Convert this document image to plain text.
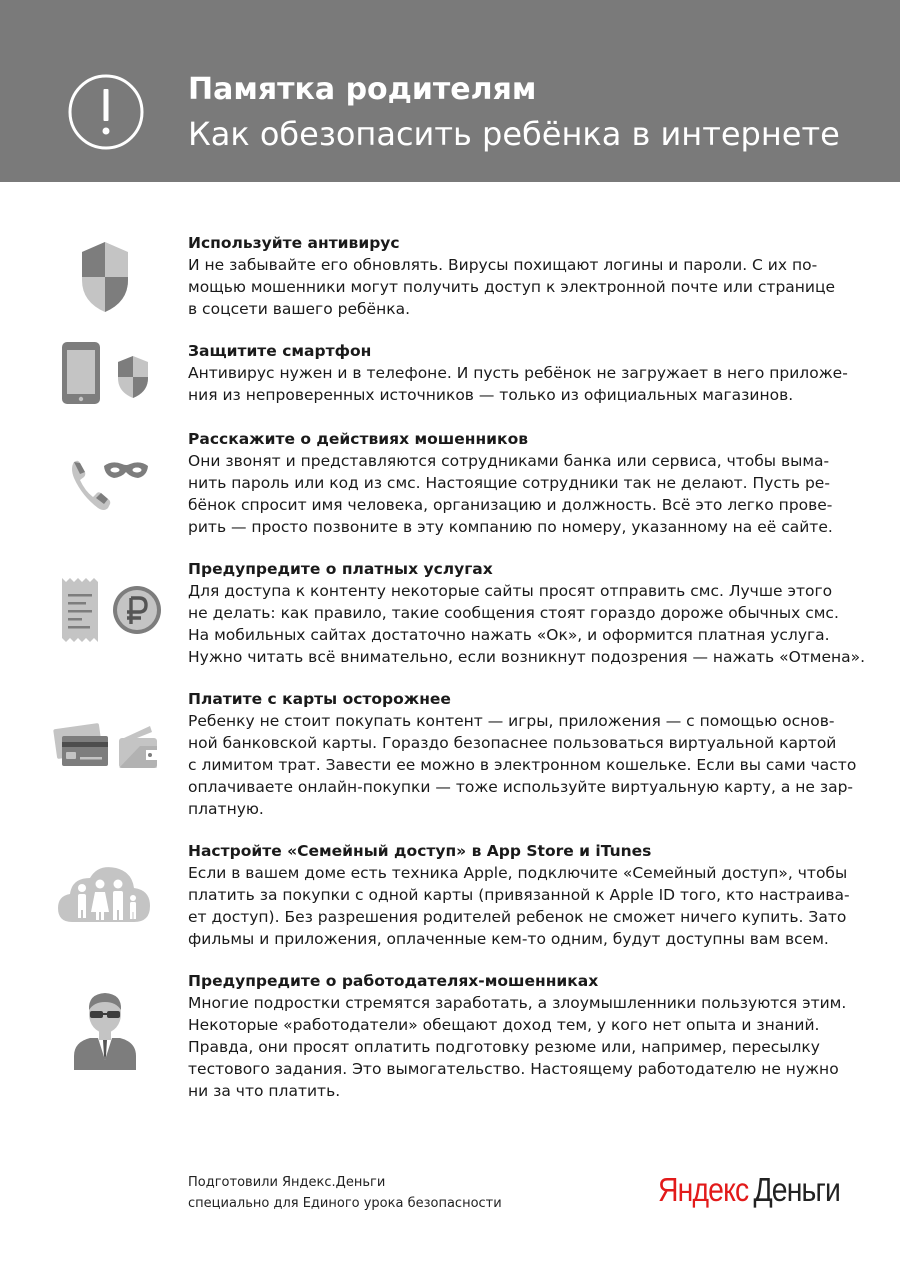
Памятка родителям
Как обезопасить ребёнка в интернете
Используйте антивирус

И не забывайте его обновлять. Вирусы похищают логины и пароли. С их по-

мощью мошенники могут получить доступ к электронной почте или странице

в соцсети вашего ребёнка.

Защитите смартфон

Антивирус нужен и в телефоне. И пусть ребёнок не загружает в него приложе-

ния из непроверенных источников — только из официальных магазинов.

Расскажите о действиях мошенников

Они звонят и представляются сотрудниками банка или сервиса, чтобы выма-

нить пароль или код из смс. Настоящие сотрудники так не делают. Пусть ре-

бёнок спросит имя человека, организацию и должность. Всё это легко прове-

рить — просто позвоните в эту компанию по номеру, указанному на её сайте.

Предупредите о платных услугах

Для доступа к контенту некоторые сайты просят отправить смс. Лучше этого

не делать: как правило, такие сообщения стоят гораздо дороже обычных смс.

На мобильных сайтах достаточно нажать «Ок», и оформится платная услуга.

Нужно читать всё внимательно, если возникнут подозрения — нажать «Отмена».

Платите с карты осторожнее

Ребенку не стоит покупать контент — игры, приложения — с помощью основ-

ной банковской карты. Гораздо безопаснее пользоваться виртуальной картой

с лимитом трат. Завести ее можно в электронном кошельке. Если вы сами часто

оплачиваете онлайн-покупки — тоже используйте виртуальную карту, а не зар-

платную.

Настройте «Семейный доступ» в App Store и iTunes

Если в вашем доме есть техника Apple, подключите «Семейный доступ», чтобы

платить за покупки с одной карты (привязанной к Apple ID того, кто настраива-

ет доступ). Без разрешения родителей ребенок не сможет ничего купить. Зато

фильмы и приложения, оплаченные кем-то одним, будут доступны вам всем.

Предупредите о работодателях-мошенниках

Многие подростки стремятся заработать, а злоумышленники пользуются этим.

Некоторые «работодатели» обещают доход тем, у кого нет опыта и знаний.

Правда, они просят оплатить подготовку резюме или, например, пересылку

тестового задания. Это вымогательство. Настоящему работодателю не нужно

ни за что платить.

Подготовили Яндекс.Деньги
специально для Единого урока безопасности	Яндекс Деньги
